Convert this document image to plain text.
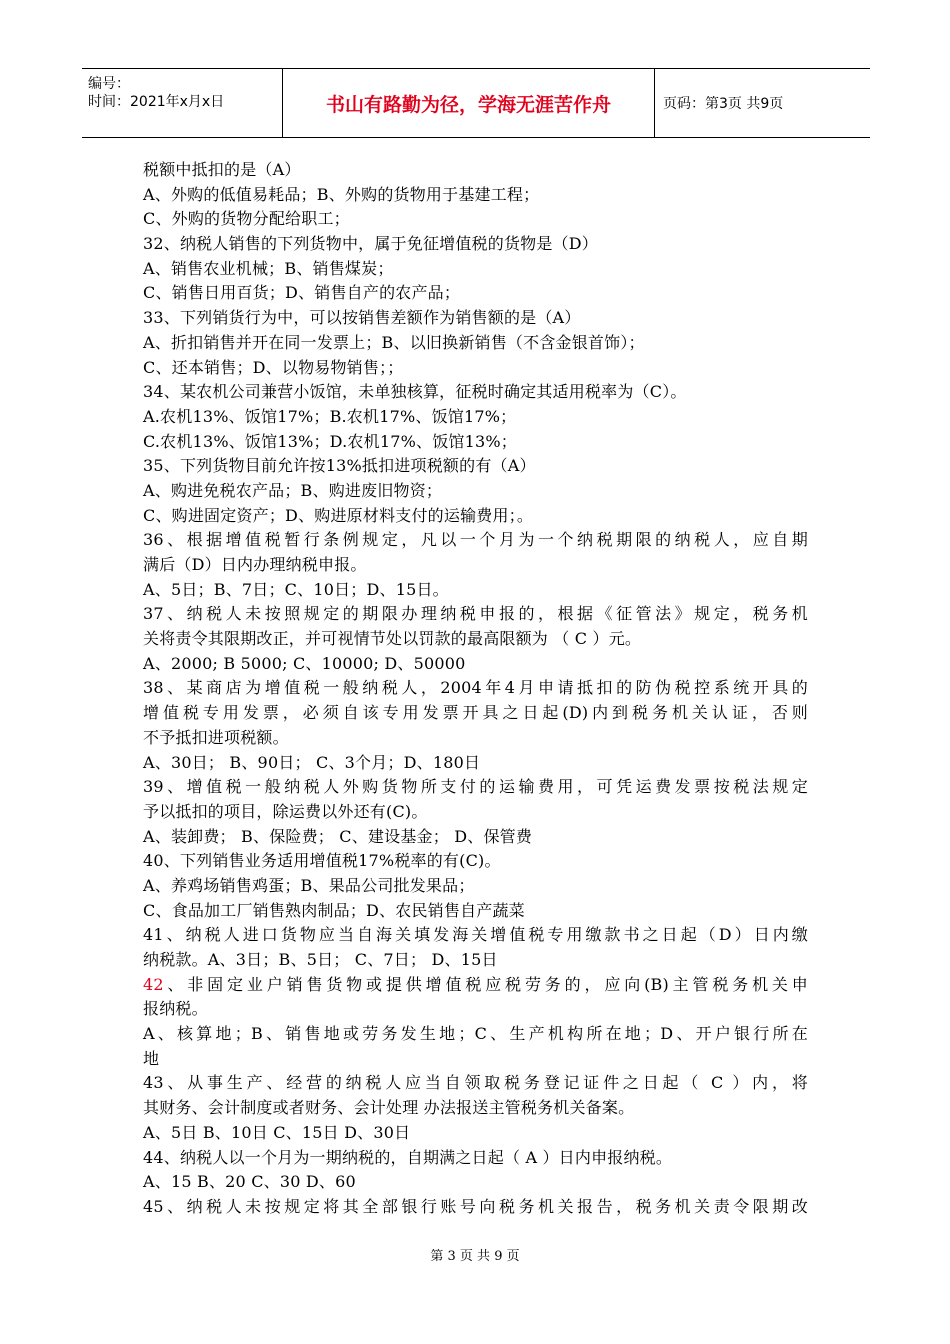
编号：
时间：2021年x月x日	书山有路勤为径，学海无涯苦作舟	页码：第3页 共9页
税额中抵扣的是（A）
A、外购的低值易耗品；B、外购的货物用于基建工程；
C、外购的货物分配给职工；
32、纳税人销售的下列货物中，属于免征增值税的货物是（D）
A、销售农业机械；B、销售煤炭；
C、销售日用百货；D、销售自产的农产品；
33、下列销货行为中，可以按销售差额作为销售额的是（A）
A、折扣销售并开在同一发票上；B、以旧换新销售（不含金银首饰）；
C、还本销售；D、以物易物销售；；
34、某农机公司兼营小饭馆，未单独核算，征税时确定其适用税率为（C）。
A.农机13%、饭馆17%；B.农机17%、饭馆17%；
C.农机13%、饭馆13%；D.农机17%、饭馆13%；
35、下列货物目前允许按13%抵扣进项税额的有（A）
A、购进免税农产品；B、购进废旧物资；
C、购进固定资产；D、购进原材料支付的运输费用；。
36、根据增值税暂行条例规定，凡以一个月为一个纳税期限的纳税人，应自期
满后（D）日内办理纳税申报。
A、5日；B、7日；C、10日；D、15日。
37、纳税人未按照规定的期限办理纳税申报的，根据《征管法》规定，税务机
关将责令其限期改正，并可视情节处以罚款的最高限额为 （ C ）元。
A、2000; B 5000; C、10000; D、50000
38、某商店为增值税一般纳税人，2004年4月申请抵扣的防伪税控系统开具的
增值税专用发票，必须自该专用发票开具之日起(D)内到税务机关认证，否则
不予抵扣进项税额。
A、30日； B、90日； C、3个月；D、180日
39、增值税一般纳税人外购货物所支付的运输费用，可凭运费发票按税法规定
予以抵扣的项目，除运费以外还有(C)。
A、装卸费； B、保险费； C、建设基金； D、保管费
40、下列销售业务适用增值税17%税率的有(C)。
A、养鸡场销售鸡蛋；B、果品公司批发果品；
C、食品加工厂销售熟肉制品；D、农民销售自产蔬菜
41、纳税人进口货物应当自海关填发海关增值税专用缴款书之日起（D）日内缴
纳税款。A、3日；B、5日； C、7日； D、15日
42、非固定业户销售货物或提供增值税应税劳务的，应向(B)主管税务机关申
报纳税。
A、核算地；B、销售地或劳务发生地；C、生产机构所在地；D、开户银行所在
地
43、从事生产、经营的纳税人应当自领取税务登记证件之日起（ C ）内，将
其财务、会计制度或者财务、会计处理 办法报送主管税务机关备案。
A、5日 B、10日 C、15日 D、30日
44、纳税人以一个月为一期纳税的，自期满之日起（ A ）日内申报纳税。
A、15 B、20 C、30 D、60
45、纳税人未按规定将其全部银行账号向税务机关报告，税务机关责令限期改
第 3 页 共 9 页
